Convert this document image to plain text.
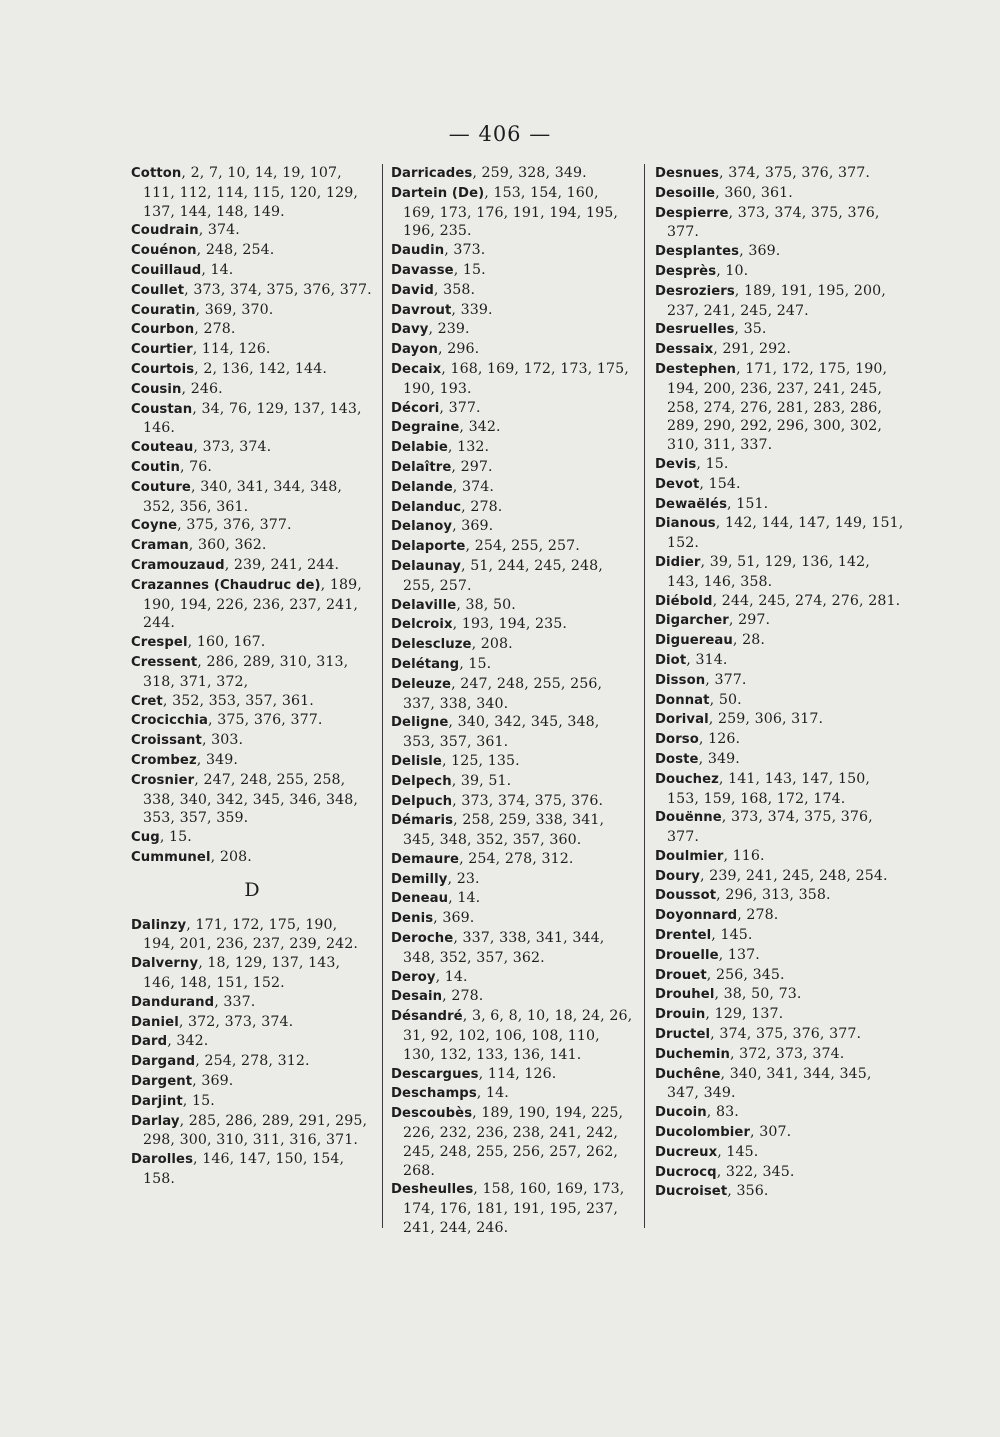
— 406 —

Cotton, 2, 7, 10, 14, 19, 107, 111, 112, 114, 115, 120, 129, 137, 144, 148, 149.

Coudrain, 374.

Couénon, 248, 254.

Couillaud, 14.

Coullet, 373, 374, 375, 376, 377.

Couratin, 369, 370.

Courbon, 278.

Courtier, 114, 126.

Courtois, 2, 136, 142, 144.

Cousin, 246.

Coustan, 34, 76, 129, 137, 143, 146.

Couteau, 373, 374.

Coutin, 76.

Couture, 340, 341, 344, 348, 352, 356, 361.

Coyne, 375, 376, 377.

Craman, 360, 362.

Cramouzaud, 239, 241, 244.

Crazannes (Chaudruc de), 189, 190, 194, 226, 236, 237, 241, 244.

Crespel, 160, 167.

Cressent, 286, 289, 310, 313, 318, 371, 372,

Cret, 352, 353, 357, 361.

Crocicchia, 375, 376, 377.

Croissant, 303.

Crombez, 349.

Crosnier, 247, 248, 255, 258, 338, 340, 342, 345, 346, 348, 353, 357, 359.

Cug, 15.

Cummunel, 208.

D

Dalinzy, 171, 172, 175, 190, 194, 201, 236, 237, 239, 242.

Dalverny, 18, 129, 137, 143, 146, 148, 151, 152.

Dandurand, 337.

Daniel, 372, 373, 374.

Dard, 342.

Dargand, 254, 278, 312.

Dargent, 369.

Darjint, 15.

Darlay, 285, 286, 289, 291, 295, 298, 300, 310, 311, 316, 371.

Darolles, 146, 147, 150, 154, 158.

Darricades, 259, 328, 349.

Dartein (De), 153, 154, 160, 169, 173, 176, 191, 194, 195, 196, 235.

Daudin, 373.

Davasse, 15.

David, 358.

Davrout, 339.

Davy, 239.

Dayon, 296.

Decaix, 168, 169, 172, 173, 175, 190, 193.

Décori, 377.

Degraine, 342.

Delabie, 132.

Delaître, 297.

Delande, 374.

Delanduc, 278.

Delanoy, 369.

Delaporte, 254, 255, 257.

Delaunay, 51, 244, 245, 248, 255, 257.

Delaville, 38, 50.

Delcroix, 193, 194, 235.

Delescluze, 208.

Delétang, 15.

Deleuze, 247, 248, 255, 256, 337, 338, 340.

Deligne, 340, 342, 345, 348, 353, 357, 361.

Delisle, 125, 135.

Delpech, 39, 51.

Delpuch, 373, 374, 375, 376.

Démaris, 258, 259, 338, 341, 345, 348, 352, 357, 360.

Demaure, 254, 278, 312.

Demilly, 23.

Deneau, 14.

Denis, 369.

Deroche, 337, 338, 341, 344, 348, 352, 357, 362.

Deroy, 14.

Desain, 278.

Désandré, 3, 6, 8, 10, 18, 24, 26, 31, 92, 102, 106, 108, 110, 130, 132, 133, 136, 141.

Descargues, 114, 126.

Deschamps, 14.

Descoubès, 189, 190, 194, 225, 226, 232, 236, 238, 241, 242, 245, 248, 255, 256, 257, 262, 268.

Desheulles, 158, 160, 169, 173, 174, 176, 181, 191, 195, 237, 241, 244, 246.

Desnues, 374, 375, 376, 377.

Desoille, 360, 361.

Despierre, 373, 374, 375, 376, 377.

Desplantes, 369.

Desprès, 10.

Desroziers, 189, 191, 195, 200, 237, 241, 245, 247.

Desruelles, 35.

Dessaix, 291, 292.

Destephen, 171, 172, 175, 190, 194, 200, 236, 237, 241, 245, 258, 274, 276, 281, 283, 286, 289, 290, 292, 296, 300, 302, 310, 311, 337.

Devis, 15.

Devot, 154.

Dewaëlés, 151.

Dianous, 142, 144, 147, 149, 151, 152.

Didier, 39, 51, 129, 136, 142, 143, 146, 358.

Diébold, 244, 245, 274, 276, 281.

Digarcher, 297.

Diguereau, 28.

Diot, 314.

Disson, 377.

Donnat, 50.

Dorival, 259, 306, 317.

Dorso, 126.

Doste, 349.

Douchez, 141, 143, 147, 150, 153, 159, 168, 172, 174.

Douënne, 373, 374, 375, 376, 377.

Doulmier, 116.

Doury, 239, 241, 245, 248, 254.

Doussot, 296, 313, 358.

Doyonnard, 278.

Drentel, 145.

Drouelle, 137.

Drouet, 256, 345.

Drouhel, 38, 50, 73.

Drouin, 129, 137.

Dructel, 374, 375, 376, 377.

Duchemin, 372, 373, 374.

Duchêne, 340, 341, 344, 345, 347, 349.

Ducoin, 83.

Ducolombier, 307.

Ducreux, 145.

Ducrocq, 322, 345.

Ducroiset, 356.
